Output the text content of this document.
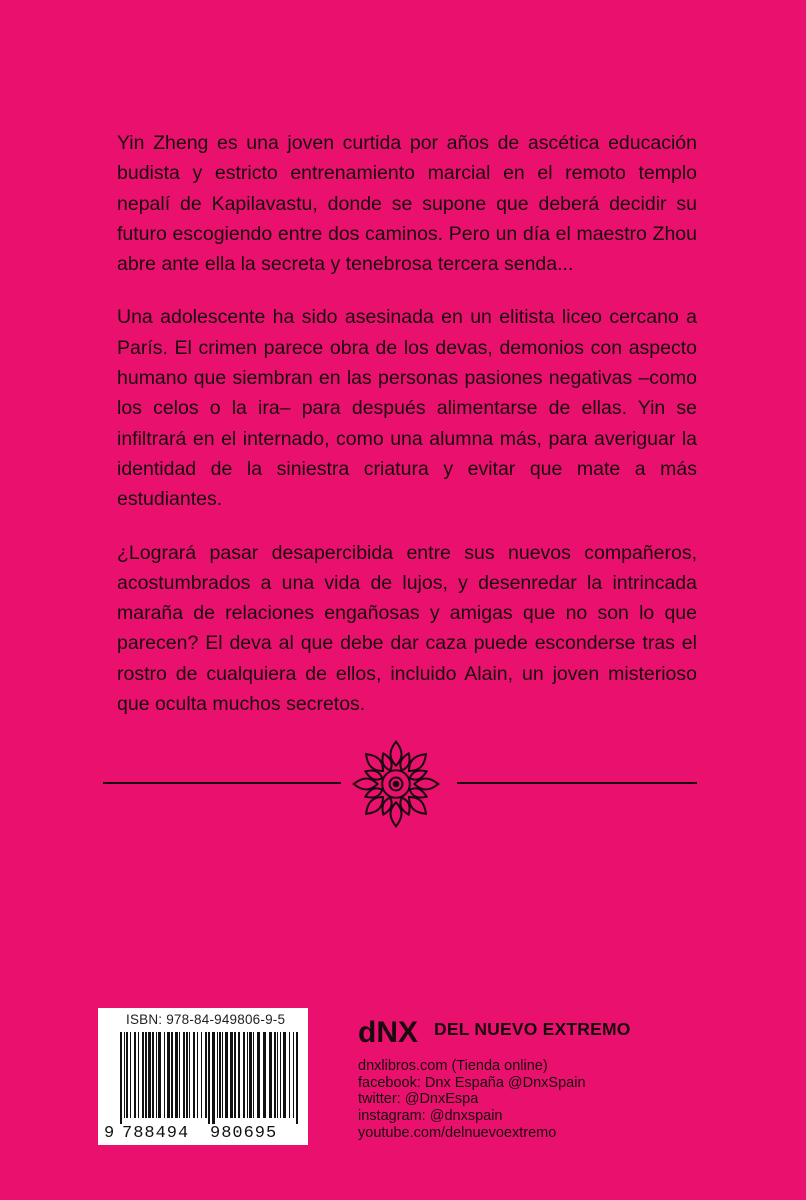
Yin Zheng es una joven curtida por años de ascética educación budista y estricto entrenamiento marcial en el remoto templo nepalí de Kapilavastu, donde se supone que deberá decidir su futuro escogiendo entre dos caminos. Pero un día el maestro Zhou abre ante ella la secreta y tenebrosa tercera senda...

Una adolescente ha sido asesinada en un elitista liceo cercano a París. El crimen parece obra de los devas, demonios con aspecto humano que siembran en las personas pasiones negativas –como los celos o la ira– para después alimentarse de ellas. Yin se infiltrará en el internado, como una alumna más, para averiguar la identidad de la siniestra criatura y evitar que mate a más estudiantes.

¿Logrará pasar desapercibida entre sus nuevos compañeros, acostumbrados a una vida de lujos, y desenredar la intrincada maraña de relaciones engañosas y amigas que no son lo que parecen? El deva al que debe dar caza puede esconderse tras el rostro de cualquiera de ellos, incluido Alain, un joven misterioso que oculta muchos secretos.

ISBN: 978-84-949806-9-5
9 788494 980695
dNX DEL NUEVO EXTREMO
dnxlibros.com (Tienda online)
facebook: Dnx España @DnxSpain
twitter: @DnxEspa
instagram: @dnxspain
youtube.com/delnuevoextremo
